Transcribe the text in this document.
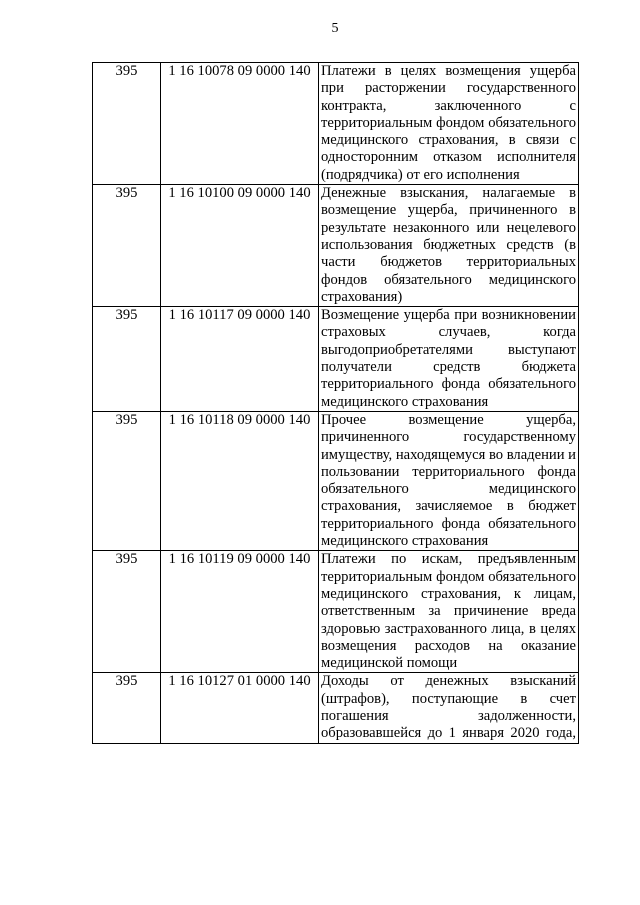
5
395	1 16 10078 09 0000 140	Платежи в целях возмещения ущерба при расторжении государственного контракта, заключенного с территориальным фондом обязательного медицинского страхования, в связи с односторонним отказом исполнителя (подрядчика) от его исполнения
395	1 16 10100 09 0000 140	Денежные взыскания, налагаемые в возмещение ущерба, причиненного в результате незаконного или нецелевого использования бюджетных средств (в части бюджетов территориальных фондов обязательного медицинского страхования)
395	1 16 10117 09 0000 140	Возмещение ущерба при возникновении страховых случаев, когда выгодоприобретателями выступают получатели средств бюджета территориального фонда обязательного медицинского страхования
395	1 16 10118 09 0000 140	Прочее возмещение ущерба, причиненного государственному имуществу, находящемуся во владении и пользовании территориального фонда обязательного медицинского страхования, зачисляемое в бюджет территориального фонда обязательного медицинского страхования
395	1 16 10119 09 0000 140	Платежи по искам, предъявленным территориальным фондом обязательного медицинского страхования, к лицам, ответственным за причинение вреда здоровью застрахованного лица, в целях возмещения расходов на оказание медицинской помощи
395	1 16 10127 01 0000 140	Доходы от денежных взысканий (штрафов), поступающие в счет погашения задолженности, образовавшейся до 1 января 2020 года,
